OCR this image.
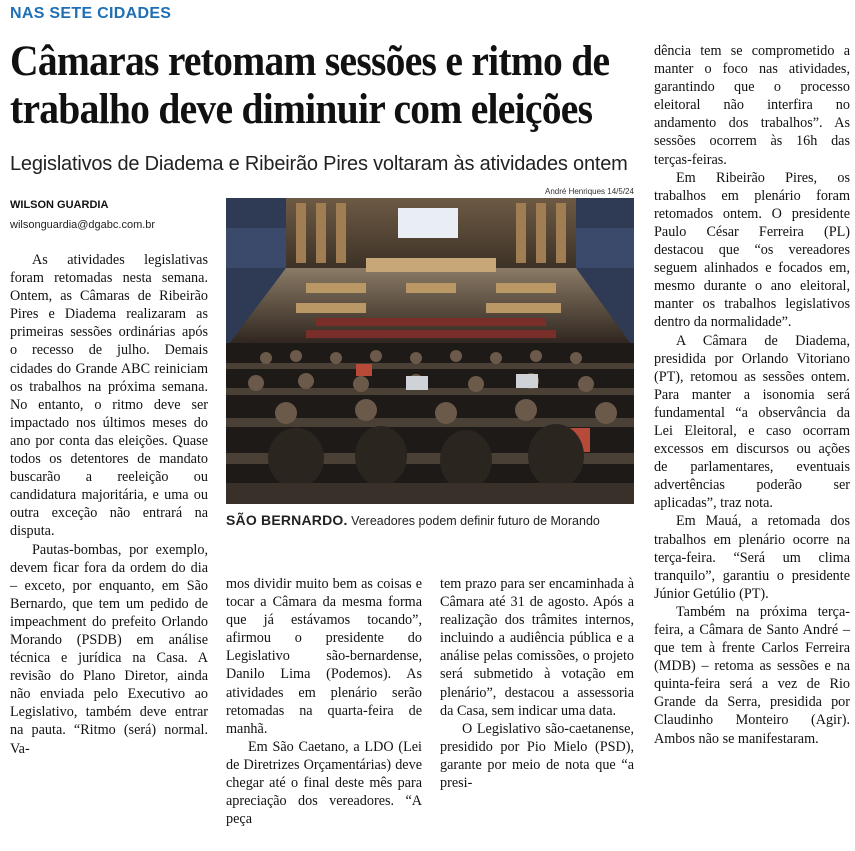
NAS SETE CIDADES
Câmaras retomam sessões e ritmo de
trabalho deve diminuir com eleições
Legislativos de Diadema e Ribeirão Pires voltaram às atividades ontem
WILSON GUARDIA
wilsonguardia@dgabc.com.br
André Henriques 14/5/24
SÃO BERNARDO. Vereadores podem definir futuro de Morando

As atividades legislativas foram retomadas nesta semana. Ontem, as Câmaras de Ribeirão Pires e Diadema realizaram as primeiras sessões ordinárias após o recesso de julho. Demais cidades do Grande ABC reiniciam os trabalhos na próxima semana. No entanto, o ritmo deve ser impactado nos últimos meses do ano por conta das eleições. Quase todos os detentores de mandato buscarão a reeleição ou candidatura majoritária, e uma ou outra exceção não entrará na disputa.

Pautas-bombas, por exemplo, devem ficar fora da ordem do dia – exceto, por enquanto, em São Bernardo, que tem um pedido de impeachment do prefeito Orlando Morando (PSDB) em análise técnica e jurídica na Casa. A revisão do Plano Diretor, ainda não enviada pelo Executivo ao Legislativo, também deve entrar na pauta. “Ritmo (será) normal. Va-

mos dividir muito bem as coisas e tocar a Câmara da mesma forma que já estávamos tocando”, afirmou o presidente do Legislativo são-bernardense, Danilo Lima (Podemos). As atividades em plenário serão retomadas na quarta-feira de manhã.

Em São Caetano, a LDO (Lei de Diretrizes Orçamentárias) deve chegar até o final deste mês para apreciação dos vereadores. “A peça

tem prazo para ser encaminhada à Câmara até 31 de agosto. Após a realização dos trâmites internos, incluindo a audiência pública e a análise pelas comissões, o projeto será submetido à votação em plenário”, destacou a assessoria da Casa, sem indicar uma data.

O Legislativo são-caetanense, presidido por Pio Mielo (PSD), garante por meio de nota que “a presi-

dência tem se comprometido a manter o foco nas atividades, garantindo que o processo eleitoral não interfira no andamento dos trabalhos”. As sessões ocorrem às 16h das terças-feiras.

Em Ribeirão Pires, os trabalhos em plenário foram retomados ontem. O presidente Paulo César Ferreira (PL) destacou que “os vereadores seguem alinhados e focados em, mesmo durante o ano eleitoral, manter os trabalhos legislativos dentro da normalidade”.

A Câmara de Diadema, presidida por Orlando Vitoriano (PT), retomou as sessões ontem. Para manter a isonomia será fundamental “a observância da Lei Eleitoral, e caso ocorram excessos em discursos ou ações de parlamentares, eventuais advertências poderão ser aplicadas”, traz nota.

Em Mauá, a retomada dos trabalhos em plenário ocorre na terça-feira. “Será um clima tranquilo”, garantiu o presidente Júnior Getúlio (PT).

Também na próxima terça-feira, a Câmara de Santo André – que tem à frente Carlos Ferreira (MDB) – retoma as sessões e na quinta-feira será a vez de Rio Grande da Serra, presidida por Claudinho Monteiro (Agir). Ambos não se manifestaram.
